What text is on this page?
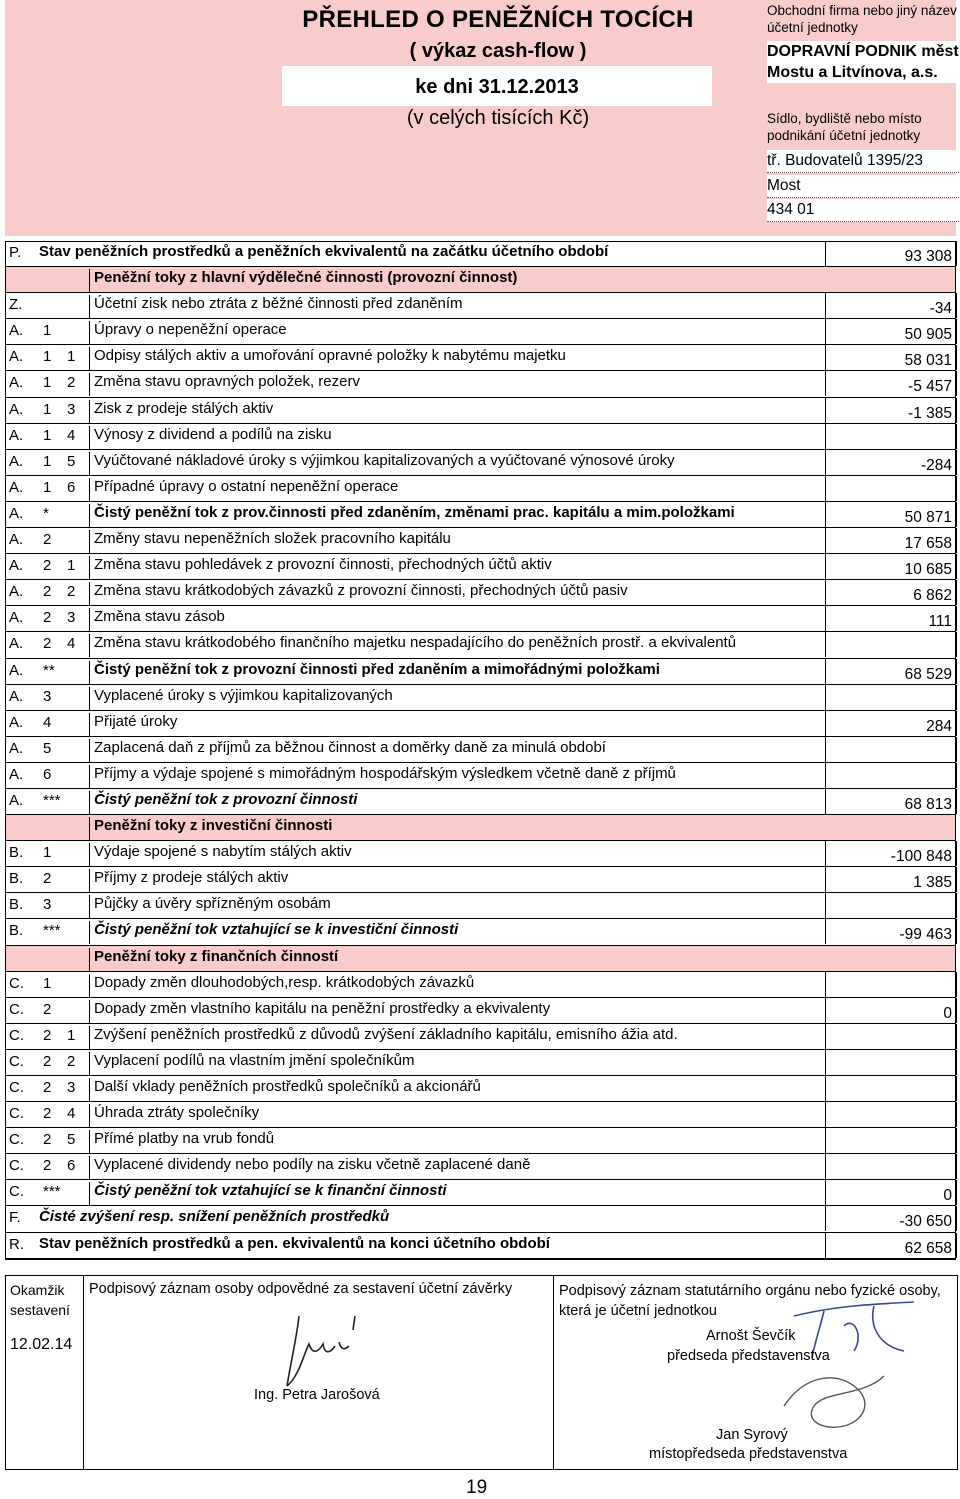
PŘEHLED O PENĚŽNÍCH TOCÍCH
( výkaz cash-flow )
ke dni 31.12.2013
(v celých tisících Kč)
Obchodní firma nebo jiný název účetní jednotky
DOPRAVNÍ PODNIK měst Mostu a Litvínova, a.s.
Sídlo, bydliště nebo místo podnikání účetní jednotky
tř. Budovatelů 1395/23
Most
434 01
P. Stav peněžních prostředků a peněžních ekvivalentů na začátku účetního období	93 308
Peněžní toky z hlavní výdělečné činnosti (provozní činnost)
Z.	Účetní zisk nebo ztráta z běžné činnosti před zdaněním	-34
A. 1	Úpravy o nepeněžní operace	50 905
A. 1 1	Odpisy stálých aktiv a umořování opravné položky k nabytému majetku	58 031
A. 1 2	Změna stavu opravných položek, rezerv	-5 457
A. 1 3	Zisk z prodeje stálých aktiv	-1 385
A. 1 4	Výnosy z dividend a podílů na zisku
A. 1 5	Vyúčtované nákladové úroky s výjimkou kapitalizovaných a vyúčtované výnosové úroky	-284
A. 1 6	Případné úpravy o ostatní nepeněžní operace
A. *	Čistý peněžní tok z prov.činnosti před zdaněním, změnami prac. kapitálu a mim.položkami	50 871
A. 2	Změny stavu nepeněžních složek pracovního kapitálu	17 658
A. 2 1	Změna stavu pohledávek z provozní činnosti, přechodných účtů aktiv	10 685
A. 2 2	Změna stavu krátkodobých závazků z provozní činnosti, přechodných účtů pasiv	6 862
A. 2 3	Změna stavu zásob	111
A. 2 4	Změna stavu krátkodobého finančního majetku nespadajícího do peněžních prostř. a ekvivalentů
A. **	Čistý peněžní tok z provozní činnosti před zdaněním a mimořádnými položkami	68 529
A. 3	Vyplacené úroky s výjimkou kapitalizovaných
A. 4	Přijaté úroky	284
A. 5	Zaplacená daň z příjmů za běžnou činnost a doměrky daně za minulá období
A. 6	Příjmy a výdaje spojené s mimořádným hospodářským výsledkem včetně daně z příjmů
A. ***	Čistý peněžní tok z provozní činnosti	68 813
Peněžní toky z investiční činnosti
B. 1	Výdaje spojené s nabytím stálých aktiv	-100 848
B. 2	Příjmy z prodeje stálých aktiv	1 385
B. 3	Půjčky a úvěry spřízněným osobám
B. ***	Čistý peněžní tok vztahující se k investiční činnosti	-99 463
Peněžní toky z finančních činností
C. 1	Dopady změn dlouhodobých,resp. krátkodobých závazků
C. 2	Dopady změn vlastního kapitálu na peněžní prostředky a ekvivalenty	0
C. 2 1	Zvýšení peněžních prostředků z důvodů zvýšení základního kapitálu, emisního ážia atd.
C. 2 2	Vyplacení podílů na vlastním jmění společníkům
C. 2 3	Další vklady peněžních prostředků společníků a akcionářů
C. 2 4	Úhrada ztráty společníky
C. 2 5	Přímé platby na vrub fondů
C. 2 6	Vyplacené dividendy nebo podíly na zisku včetně zaplacené daně
C. ***	Čistý peněžní tok vztahující se k finanční činnosti	0
F. Čisté zvýšení resp. snížení peněžních prostředků	-30 650
R. Stav peněžních prostředků a pen. ekvivalentů na konci účetního období	62 658
Okamžik sestavení
12.02.14
Podpisový záznam osoby odpovědné za sestavení účetní závěrky
Ing. Petra Jarošová
Podpisový záznam statutárního orgánu nebo fyzické osoby, která je účetní jednotkou
Arnošt Ševčík
předseda představenstva
Jan Syrový
místopředseda představenstva
19
